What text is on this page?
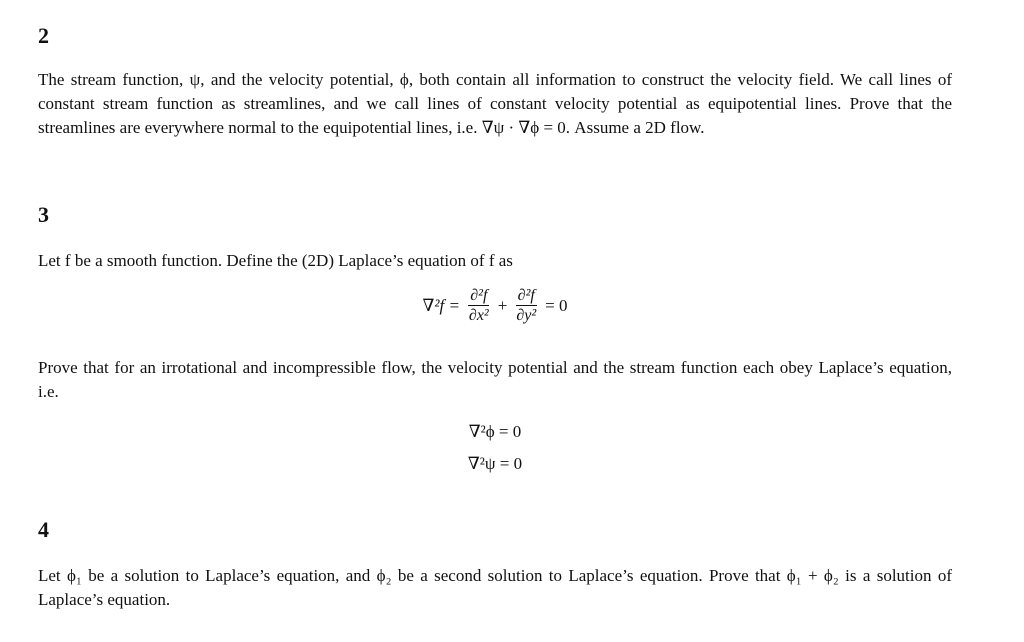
2
The stream function, ψ, and the velocity potential, ϕ, both contain all information to construct the velocity field. We call lines of constant stream function as streamlines, and we call lines of constant velocity potential as equipotential lines. Prove that the streamlines are everywhere normal to the equipotential lines, i.e. ∇ψ · ∇ϕ = 0. Assume a 2D flow.
3
Let f be a smooth function. Define the (2D) Laplace’s equation of f as
$\nabla^2f = \frac{\text{∂²f}}{\text{∂x²}} + \frac{\text{∂²f}}{\text{∂y²}} = 0$
Prove that for an irrotational and incompressible flow, the velocity potential and the stream function each obey Laplace’s equation, i.e.
∇²ϕ = 0
∇²ψ = 0
4
Let ϕ₁ be a solution to Laplace’s equation, and ϕ₂ be a second solution to Laplace’s equation. Prove that ϕ₁ + ϕ₂ is a solution of Laplace’s equation.
